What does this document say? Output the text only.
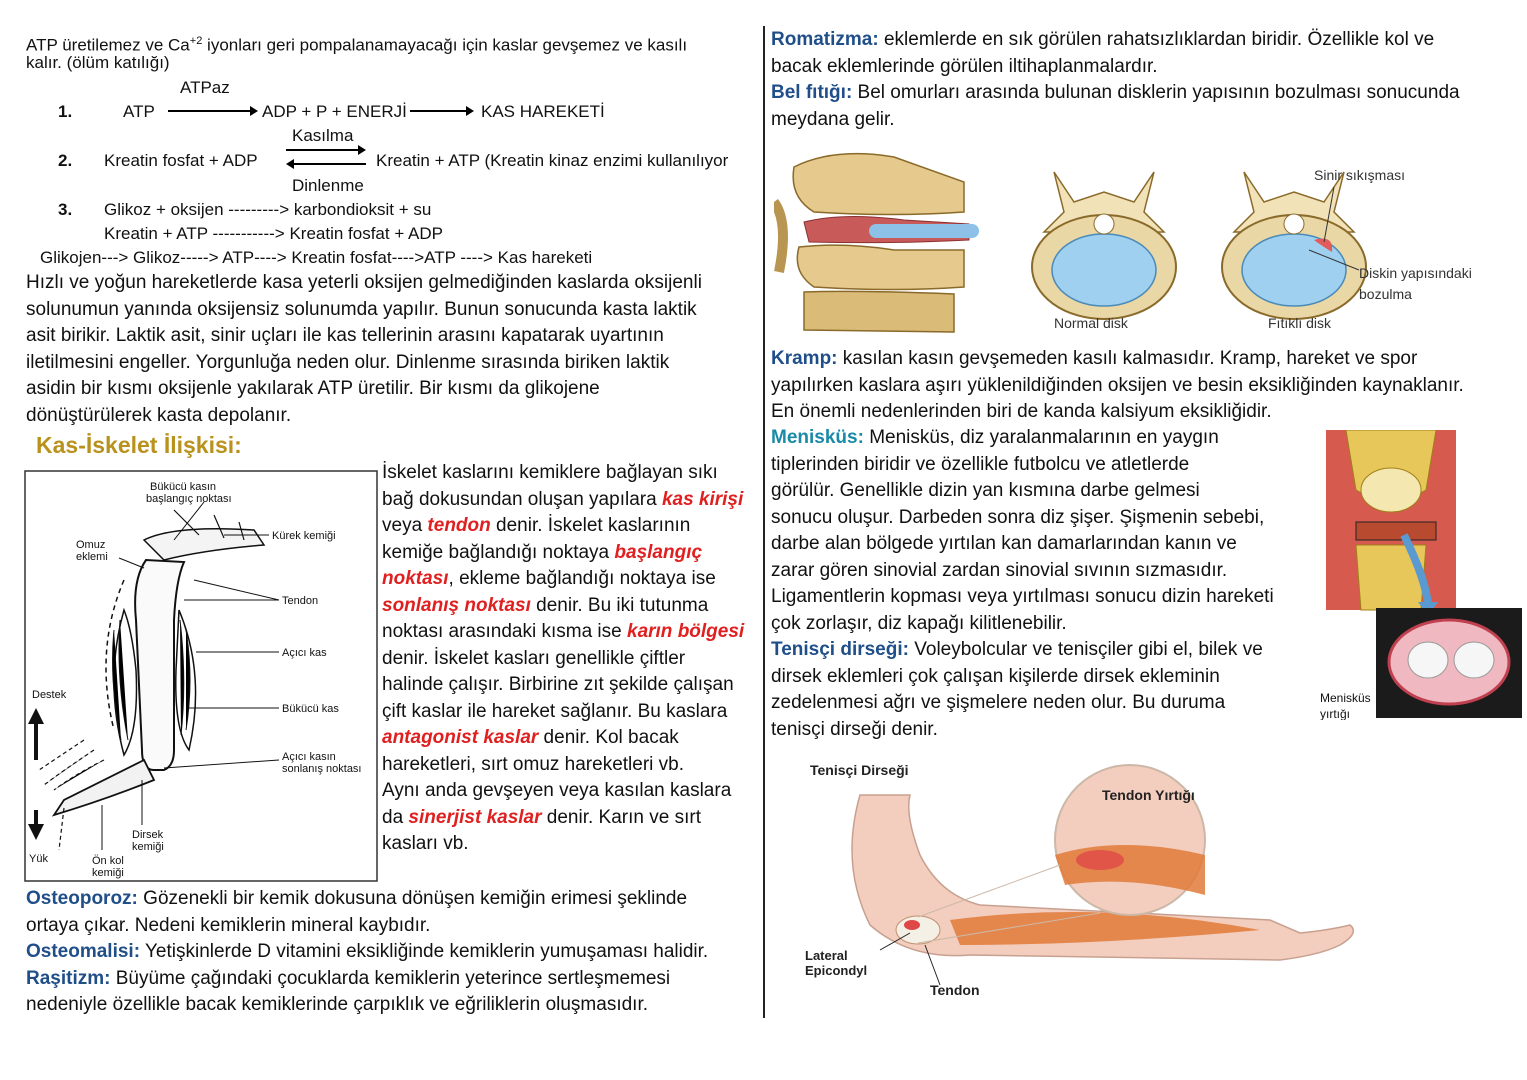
ATP üretilemez ve $Ca^{+2}$ iyonları geri pompalanamayacağı için kaslar gevşemez ve kasılı
kalır. (ölüm katılığı)
ATPaz
1.	ATP	ADP + P + ENERJİ	KAS HAREKETİ
Kasılma
2. Kreatin fosfat + ADP	Kreatin + ATP (Kreatin kinaz enzimi kullanılıyor
Dinlenme
3. Glikoz + oksijen ---------> karbondioksit + su
Kreatin + ATP -----------> Kreatin fosfat + ADP
Glikojen---> Glikoz-----> ATP----> Kreatin fosfat---->ATP ----> Kas hareketi
Hızlı ve yoğun hareketlerde kasa yeterli oksijen gelmediğinden kaslarda oksijenli
solunumun yanında oksijensiz solunumda yapılır. Bunun sonucunda kasta laktik
asit birikir. Laktik asit, sinir uçları ile kas tellerinin arasını kapatarak uyartının
iletilmesini engeller. Yorgunluğa neden olur. Dinlenme sırasında biriken laktik
asidin bir kısmı oksijenle yakılarak ATP üretilir. Bir kısmı da glikojene
dönüştürülerek kasta depolanır.
Kas-İskelet İlişkisi:
Bükücü kasın
başlangıç noktası
Kürek kemiği
Omuz
eklemi
Tendon
Açıcı kas
Destek
Bükücü kas
Açıcı kasın
sonlanış noktası
Dirsek
kemiği
Yük	Ön kol
kemiği
İskelet kaslarını kemiklere bağlayan sıkı
bağ dokusundan oluşan yapılara kas kirişi
veya tendon denir. İskelet kaslarının
kemiğe bağlandığı noktaya başlangıç
noktası, ekleme bağlandığı noktaya ise
sonlanış noktası denir. Bu iki tutunma
noktası arasındaki kısma ise karın bölgesi
denir. İskelet kasları genellikle çiftler
halinde çalışır. Birbirine zıt şekilde çalışan
çift kaslar ile hareket sağlanır. Bu kaslara
antagonist kaslar denir. Kol bacak
hareketleri, sırt omuz hareketleri vb.
Aynı anda gevşeyen veya kasılan kaslara
da sinerjist kaslar denir. Karın ve sırt
kasları vb.
Osteoporoz: Gözenekli bir kemik dokusuna dönüşen kemiğin erimesi şeklinde
ortaya çıkar. Nedeni kemiklerin mineral kaybıdır.
Osteomalisi: Yetişkinlerde D vitamini eksikliğinde kemiklerin yumuşaması halidir.
Raşitizm: Büyüme çağındaki çocuklarda kemiklerin yeterince sertleşmemesi
nedeniyle özellikle bacak kemiklerinde çarpıklık ve eğriliklerin oluşmasıdır.
Romatizma: eklemlerde en sık görülen rahatsızlıklardan biridir. Özellikle kol ve
bacak eklemlerinde görülen iltihaplanmalardır.
Bel fıtığı: Bel omurları arasında bulunan disklerin yapısının bozulması sonucunda
meydana gelir.
Sinir sıkışması
Diskin yapısındaki
bozulma
Normal disk	Fıtıklı disk
Kramp: kasılan kasın gevşemeden kasılı kalmasıdır. Kramp, hareket ve spor
yapılırken kaslara aşırı yüklenildiğinden oksijen ve besin eksikliğinden kaynaklanır.
En önemli nedenlerinden biri de kanda kalsiyum eksikliğidir.
Menisküs: Menisküs, diz yaralanmalarının en yaygın
tiplerinden biridir ve özellikle futbolcu ve atletlerde
görülür. Genellikle dizin yan kısmına darbe gelmesi
sonucu oluşur. Darbeden sonra diz şişer. Şişmenin sebebi,
darbe alan bölgede yırtılan kan damarlarından kanın ve
zarar gören sinovial zardan sinovial sıvının sızmasıdır.
Ligamentlerin kopması veya yırtılması sonucu dizin hareketi
çok zorlaşır, diz kapağı kilitlenebilir.
Tenisçi dirseği: Voleybolcular ve tenisçiler gibi el, bilek ve
dirsek eklemleri çok çalışan kişilerde dirsek ekleminin
zedelenmesi ağrı ve şişmelere neden olur. Bu duruma
tenisçi dirseği denir.
Menisküs
yırtığı
Tenisçi Dirseği
Tendon Yırtığı
Lateral
Epicondyl
Tendon
